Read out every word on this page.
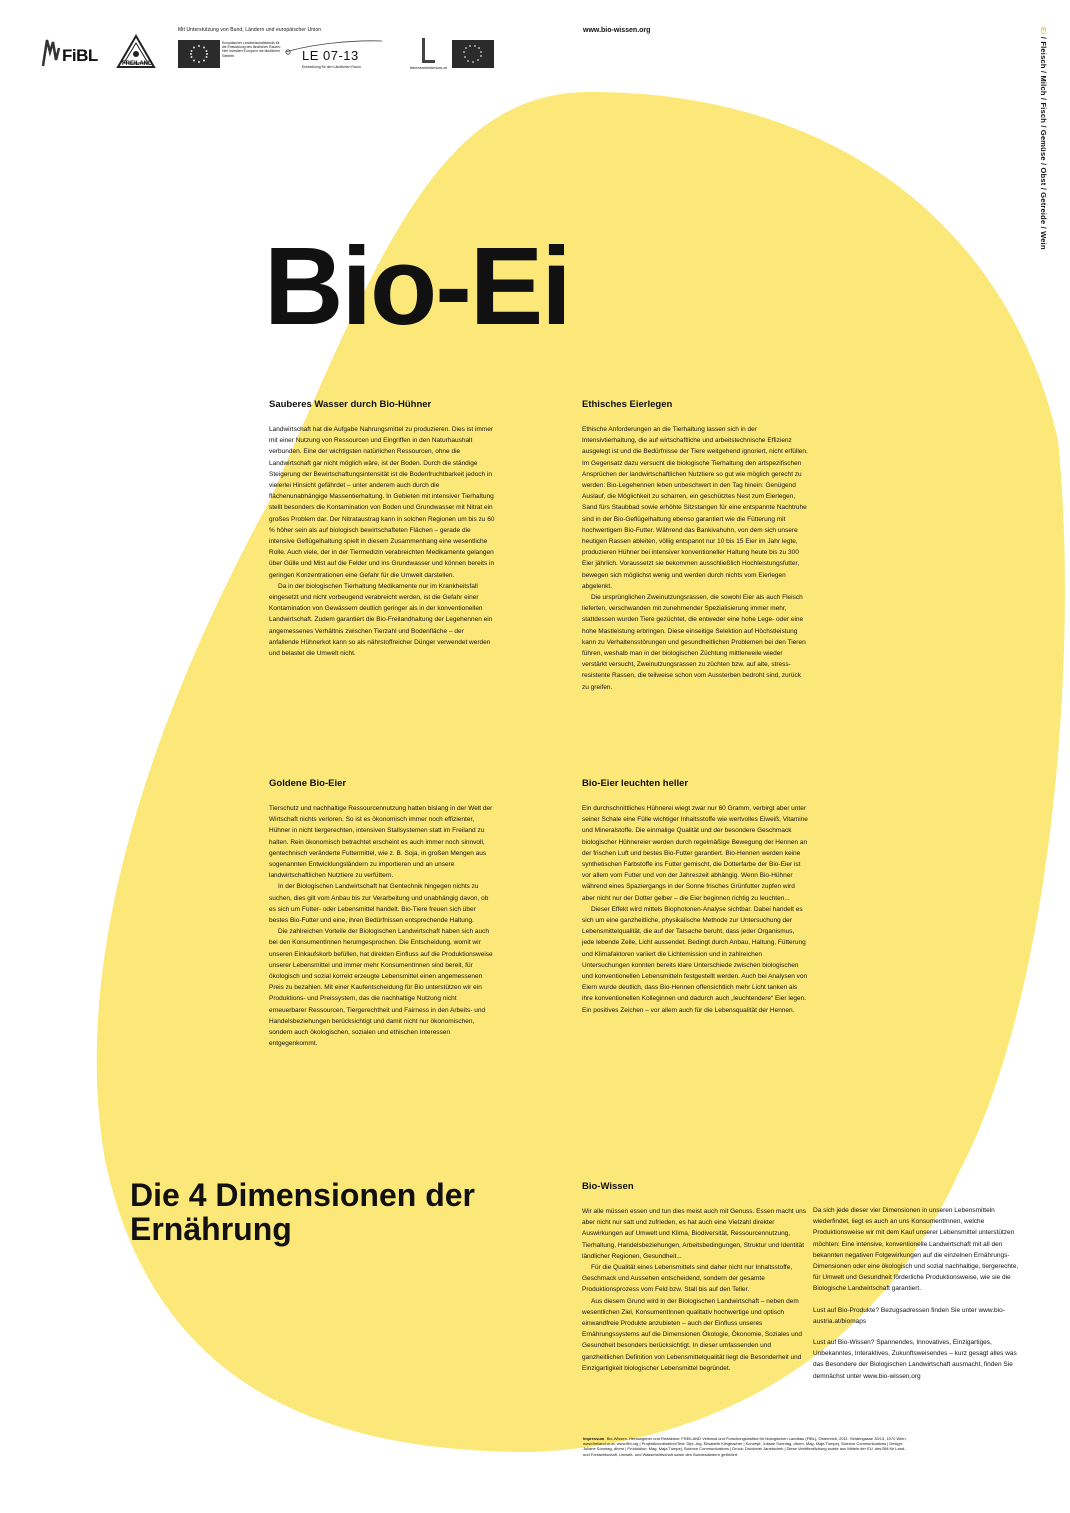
FiBL	FREILAND
Mit Unterstützung von Bund, Ländern und europäischer Union
Europäischer Landwirtschaftsfonds für die Entwicklung des ländlichen Raums: Hier investiert Europa in die ländlichen Gebiete.	LE 07-13
Entwicklung für den Ländlichen Raum	lebensministerium.at
www.bio-wissen.org	Ei / Fleisch / Milch / Fisch / Gemüse / Obst / Getreide / Wein
Bio-Ei
Sauberes Wasser durch Bio-Hühner

Landwirtschaft hat die Aufgabe Nahrungsmittel zu produzieren. Dies ist immer mit einer Nutzung von Ressourcen und Eingriffen in den Naturhaushalt verbunden. Eine der wichtigsten natürlichen Ressourcen, ohne die Landwirtschaft gar nicht möglich wäre, ist der Boden. Durch die ständige Steigerung der Bewirtschaftungsintensität ist die Bodenfruchtbarkeit jedoch in vielerlei Hinsicht gefährdet – unter anderem auch durch die flächenunabhängige Massentierhaltung. In Gebieten mit intensiver Tierhaltung stellt besonders die Kontamination von Boden und Grundwasser mit Nitrat ein großes Problem dar. Der Nitrataustrag kann in solchen Regionen um bis zu 60 % höher sein als auf biologisch bewirtschafteten Flächen – gerade die intensive Geflügelhaltung spielt in diesem Zusammenhang eine wesentliche Rolle. Auch viele, der in der Tiermedizin verabreichten Medikamente gelangen über Gülle und Mist auf die Felder und ins Grundwasser und können bereits in geringen Konzentrationen eine Gefahr für die Umwelt darstellen.

Da in der biologischen Tierhaltung Medikamente nur im Krankheitsfall eingesetzt und nicht vorbeugend verabreicht werden, ist die Gefahr einer Kontamination von Gewässern deutlich geringer als in der konventionellen Landwirtschaft. Zudem garantiert die Bio-Freilandhaltung der Legehennen ein angemessenes Verhältnis zwischen Tierzahl und Bodenfläche – der anfallende Hühnerkot kann so als nährstoffreicher Dünger verwendet werden und belastet die Umwelt nicht.

Ethisches Eierlegen

Ethische Anforderungen an die Tierhaltung lassen sich in der Intensivtierhaltung, die auf wirtschaftliche und arbeitstechnische Effizienz ausgelegt ist und die Bedürfnisse der Tiere weitgehend ignoriert, nicht erfüllen. Im Gegensatz dazu versucht die biologische Tierhaltung den artspezifischen Ansprüchen der landwirtschaftlichen Nutztiere so gut wie möglich gerecht zu werden: Bio-Legehennen leben unbeschwert in den Tag hinein: Genügend Auslauf, die Möglichkeit zu scharren, ein geschütztes Nest zum Eierlegen, Sand fürs Staubbad sowie erhöhte Sitzstangen für eine entspannte Nachtruhe sind in der Bio-Geflügelhaltung ebenso garantiert wie die Fütterung mit hochwertigem Bio-Futter. Während das Bankivahuhn, von dem sich unsere heutigen Rassen ableiten, völlig entspannt nur 10 bis 15 Eier im Jahr legte, produzieren Hühner bei intensiver konventioneller Haltung heute bis zu 300 Eier jährlich. Voraussetzt sie bekommen ausschließlich Hochleistungsfutter, bewegen sich möglichst wenig und werden durch nichts vom Eierlegen abgelenkt.

Die ursprünglichen Zweinutzungsrassen, die sowohl Eier als auch Fleisch lieferten, verschwanden mit zunehmender Spezialisierung immer mehr, stattdessen wurden Tiere gezüchtet, die entweder eine hohe Lege- oder eine hohe Mastleistung erbringen. Diese einseitige Selektion auf Höchstleistung kann zu Verhaltensstörungen und gesundheitlichen Problemen bei den Tieren führen, weshalb man in der biologischen Züchtung mittlerweile wieder verstärkt versucht, Zweinutzungsrassen zu züchten bzw. auf alte, stress-resistente Rassen, die teilweise schon vom Aussterben bedroht sind, zurück zu greifen.

Goldene Bio-Eier

Tierschutz und nachhaltige Ressourcennutzung hatten bislang in der Welt der Wirtschaft nichts verloren. So ist es ökonomisch immer noch effizienter, Hühner in nicht tiergerechten, intensiven Stallsystemen statt im Freiland zu halten. Rein ökonomisch betrachtet erscheint es auch immer noch sinnvoll, gentechnisch veränderte Futtermittel, wie z. B. Soja, in großen Mengen aus sogenannten Entwicklungsländern zu importieren und an unsere landwirtschaftlichen Nutztiere zu verfüttern.

In der Biologischen Landwirtschaft hat Gentechnik hingegen nichts zu suchen, dies gilt vom Anbau bis zur Verarbeitung und unabhängig davon, ob es sich um Futter- oder Lebensmittel handelt. Bio-Tiere freuen sich über bestes Bio-Futter und eine, ihren Bedürfnissen entsprechende Haltung.

Die zahlreichen Vorteile der Biologischen Landwirtschaft haben sich auch bei den KonsumentInnen herumgesprochen. Die Entscheidung, womit wir unseren Einkaufskorb befüllen, hat direkten Einfluss auf die Produktionsweise unserer Lebensmittel und immer mehr KonsumentInnen sind bereit, für ökologisch und sozial korrekt erzeugte Lebensmittel einen angemessenen Preis zu bezahlen. Mit einer Kaufentscheidung für Bio unterstützen wir ein Produktions- und Preissystem, das die nachhaltige Nutzung nicht erneuerbarer Ressourcen, Tiergerechtheit und Fairness in den Arbeits- und Handelsbeziehungen berücksichtigt und damit nicht nur ökonomischen, sondern auch ökologischen, sozialen und ethischen Interessen entgegenkommt.

Bio-Eier leuchten heller

Ein durchschnittliches Hühnerei wiegt zwar nur 60 Gramm, verbirgt aber unter seiner Schale eine Fülle wichtiger Inhaltsstoffe wie wertvolles Eiweiß, Vitamine und Mineralstoffe. Die einmalige Qualität und der besondere Geschmack biologischer Hühnereier werden durch regelmäßige Bewegung der Hennen an der frischen Luft und bestes Bio-Futter garantiert. Bio-Hennen werden keine synthetischen Farbstoffe ins Futter gemischt, die Dotterfarbe der Bio-Eier ist vor allem vom Futter und von der Jahreszeit abhängig. Wenn Bio-Hühner während eines Spaziergangs in der Sonne frisches Grünfutter zupfen wird aber nicht nur der Dotter gelber – die Eier beginnen richtig zu leuchten...

Dieser Effekt wird mittels Biophotonen-Analyse sichtbar. Dabei handelt es sich um eine ganzheitliche, physikalische Methode zur Untersuchung der Lebensmittelqualität, die auf der Tatsache beruht, dass jeder Organismus, jede lebende Zelle, Licht aussendet. Bedingt durch Anbau, Haltung, Fütterung und Klimafaktoren variiert die Lichtemission und in zahlreichen Untersuchungen konnten bereits klare Unterschiede zwischen biologischen und konventionellen Lebensmitteln festgestellt werden. Auch bei Analysen von Eiern wurde deutlich, dass Bio-Hennen offensichtlich mehr Licht tanken als ihre konventionellen Kolleginnen und dadurch auch „leuchtendere“ Eier legen. Ein positives Zeichen – vor allem auch für die Lebensqualität der Hennen.

Die 4 Dimensionen der Ernährung
Bio-Wissen

Wir alle müssen essen und tun dies meist auch mit Genuss. Essen macht uns aber nicht nur satt und zufrieden, es hat auch eine Vielzahl direkter Auswirkungen auf Umwelt und Klima, Biodiversität, Ressourcennutzung, Tierhaltung, Handelsbeziehungen, Arbeitsbedingungen, Struktur und Identität ländlicher Regionen, Gesundheit...

Für die Qualität eines Lebensmittels sind daher nicht nur Inhaltsstoffe, Geschmack und Aussehen entscheidend, sondern der gesamte Produktionsprozess vom Feld bzw. Stall bis auf den Teller.

Aus diesem Grund wird in der Biologischen Landwirtschaft – neben dem wesentlichen Ziel, KonsumentInnen qualitativ hochwertige und optisch einwandfreie Produkte anzubieten – auch der Einfluss unseres Ernährungssystems auf die Dimensionen Ökologie, Ökonomie, Soziales und Gesundheit besonders berücksichtigt. In dieser umfassenden und ganzheitlichen Definition von Lebensmittelqualität liegt die Besonderheit und Einzigartigkeit biologischer Lebensmittel begründet.

Da sich jede dieser vier Dimensionen in unseren Lebensmitteln wiederfindet, liegt es auch an uns KonsumentInnen, welche Produktionsweise wir mit dem Kauf unserer Lebensmittel unterstützen möchten: Eine intensive, konventionelle Landwirtschaft mit all den bekannten negativen Folgewirkungen auf die einzelnen Ernährungs-Dimensionen oder eine ökologisch und sozial nachhaltige, tiergerechte, für Umwelt und Gesundheit förderliche Produktionsweise, wie sie die Biologische Landwirtschaft garantiert.

Lust auf Bio-Produkte? Bezugsadressen finden Sie unter www.bio-austria.at/biomaps

Lust auf Bio-Wissen? Spannendes, Innovatives, Einzigartiges, Unbekanntes, Interaktives, Zukunftsweisendes – kurz gesagt alles was das Besondere der Biologischen Landwirtschaft ausmacht, finden Sie demnächst unter www.bio-wissen.org

Impressum Bio-Wissen. Herausgeber und Redaktion: FREILAND Verband und Forschungsinstitut für biologischen Landbau (FiBL), Österreich, 2011. Seidengasse 33/13, 1070 Wien, www.freiland.or.at, www.fibl.org | Projektkoordination/Text: Dipl.-Ing. Elisabeth Klingbacher | Konzept: Juliane Sonntag, dform, Mag. Maja Tumpej, Science Communications | Design: Juliane Sonntag, dform | Produktion: Mag. Maja Tumpej, Science Communications | Druck: Druckerei Janetschek | Diese Veröffentlichung wurde aus Mitteln der EU, des BM für Land- und Forstwirtschaft, Umwelt- und Wasserwirtschaft sowie den Bundesländern gefördert.
